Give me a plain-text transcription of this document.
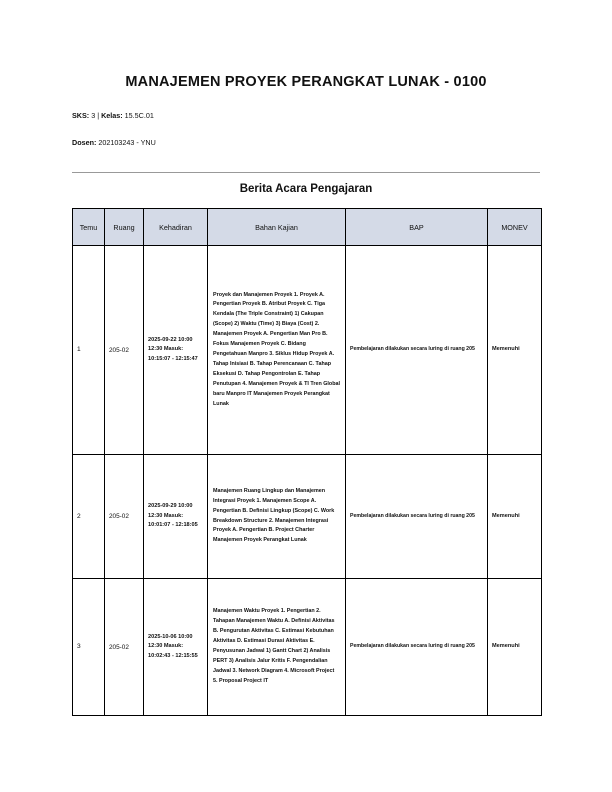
MANAJEMEN PROYEK PERANGKAT LUNAK - 0100
SKS: 3 | Kelas: 15.5C.01
Dosen: 202103243 - YNU
Berita Acara Pengajaran
Temu	Ruang	Kehadiran	Bahan Kajian	BAP	MONEV
1	205-02	2025-09-22 10:00 12:30 Masuk: 10:15:07 - 12:15:47	Proyek dan Manajemen Proyek 1. Proyek A. Pengertian Proyek B. Atribut Proyek C. Tiga Kendala (The Triple Constraint) 1) Cakupan (Scope) 2) Waktu (Time) 3) Biaya (Cost) 2. Manajemen Proyek A. Pengertian Man Pro B. Fokus Manajemen Proyek C. Bidang Pengetahuan Manpro 3. Siklus Hidup Proyek A. Tahap Inisiasi B. Tahap Perencanaan C. Tahap Eksekusi D. Tahap Pengontrolan E. Tahap Penutupan 4. Manajemen Proyek & TI Tren Global baru Manpro IT Manajemen Proyek Perangkat Lunak	Pembelajaran dilakukan secara luring di ruang 205	Memenuhi
2	205-02	2025-09-29 10:00 12:30 Masuk: 10:01:07 - 12:18:05	Manajemen Ruang Lingkup dan Manajemen Integrasi Proyek 1. Manajemen Scope A. Pengertian B. Definisi Lingkup (Scope) C. Work Breakdown Structure 2. Manajemen Integrasi Proyek A. Pengertian B. Project Charter Manajemen Proyek Perangkat Lunak	Pembelajaran dilakukan secara luring di ruang 205	Memenuhi
3	205-02	2025-10-06 10:00 12:30 Masuk: 10:02:43 - 12:15:55	Manajemen Waktu Proyek 1. Pengertian 2. Tahapan Manajemen Waktu A. Definisi Aktivitas B. Pengurutan Aktivitas C. Estimasi Kebutuhan Aktivitas D. Estimasi Durasi Aktivitas E. Penyusunan Jadwal 1) Gantt Chart 2) Analisis PERT 3) Analisis Jalur Kritis F. Pengendalian Jadwal 3. Network Diagram 4. Microsoft Project 5. Proposal Project IT	Pembelajaran dilakukan secara luring di ruang 205	Memenuhi
